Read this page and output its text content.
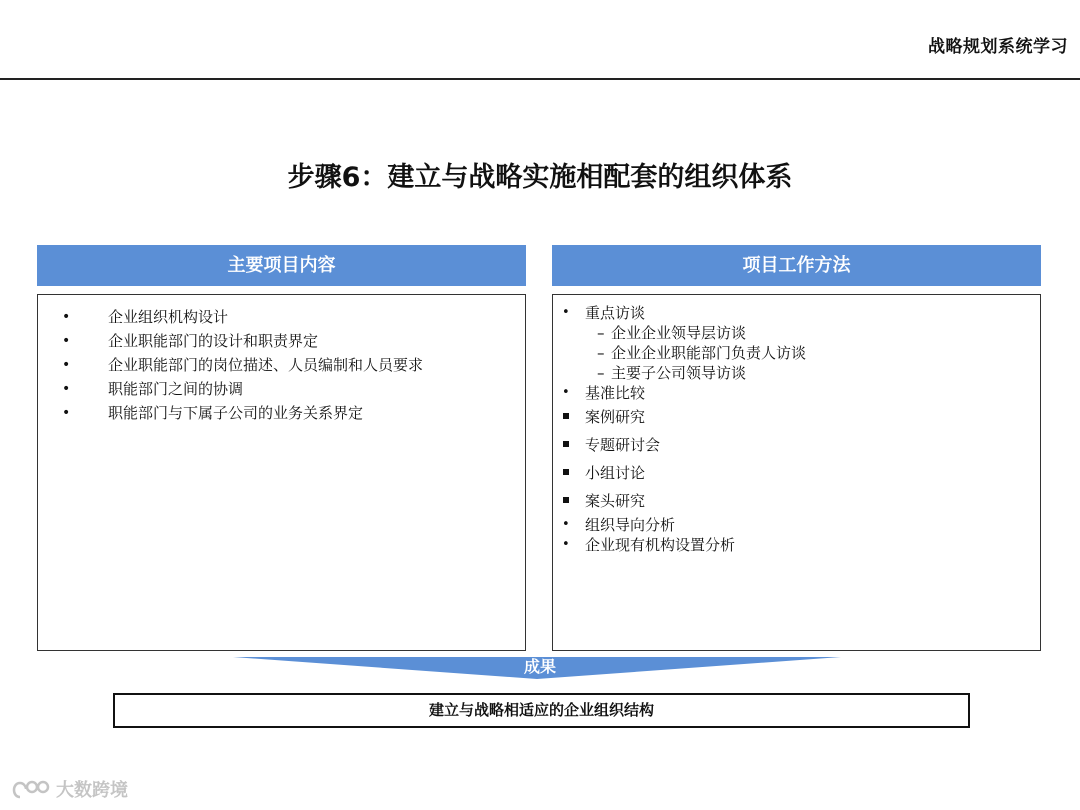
战略规划系统学习
步骤6：建立与战略实施相配套的组织体系
主要项目内容	项目工作方法
•	企业组织机构设计
•	企业职能部门的设计和职责界定
•	企业职能部门的岗位描述、人员编制和人员要求
•	职能部门之间的协调
•	职能部门与下属子公司的业务关系界定
• 重点访谈
– 企业企业领导层访谈
– 企业企业职能部门负责人访谈
– 主要子公司领导访谈
• 基准比较
案例研究
专题研讨会
小组讨论
案头研究
• 组织导向分析
• 企业现有机构设置分析
成果
建立与战略相适应的企业组织结构
大数跨境
